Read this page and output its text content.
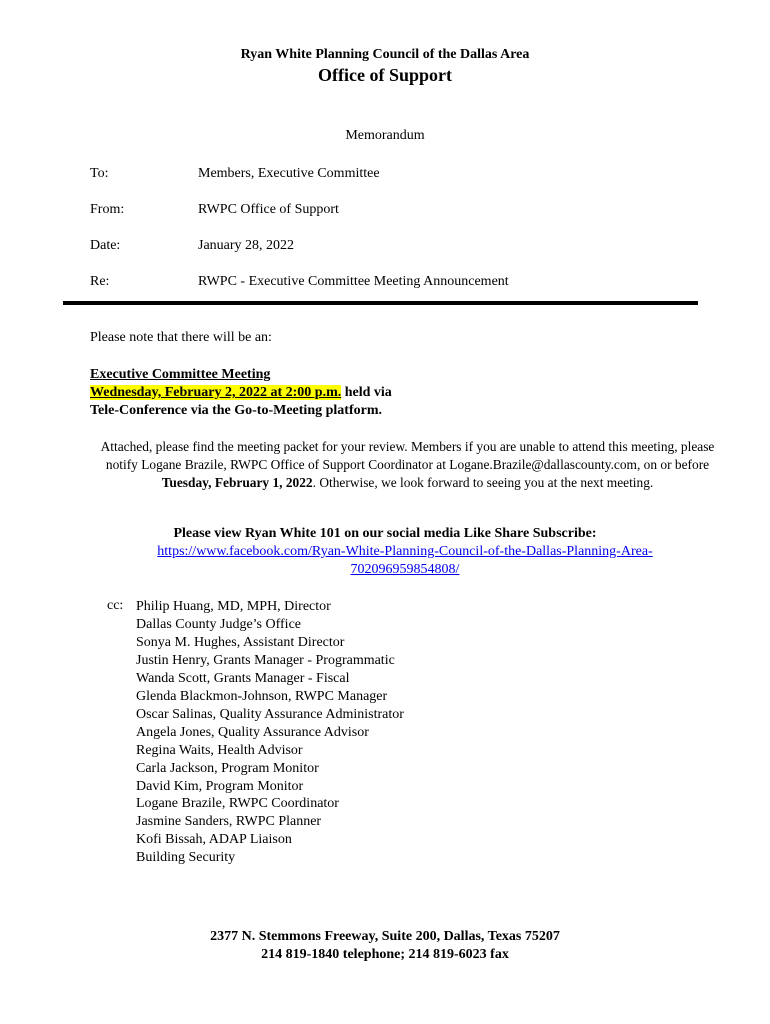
Ryan White Planning Council of the Dallas Area
Office of Support
Memorandum
To:	Members, Executive Committee
From:	RWPC Office of Support
Date:	January 28, 2022
Re:	RWPC - Executive Committee Meeting Announcement
Please note that there will be an:
Executive Committee Meeting
Wednesday, February 2, 2022 at 2:00 p.m. held via
Tele-Conference via the Go-to-Meeting platform.
Attached, please find the meeting packet for your review. Members if you are unable to attend this meeting, please notify Logane Brazile, RWPC Office of Support Coordinator at Logane.Brazile@dallascounty.com, on or before Tuesday, February 1, 2022. Otherwise, we look forward to seeing you at the next meeting.
Please view Ryan White 101 on our social media Like Share Subscribe:
https://www.facebook.com/Ryan-White-Planning-Council-of-the-Dallas-Planning-Area-702096959854808/
cc: Philip Huang, MD, MPH, Director
Dallas County Judge’s Office
Sonya M. Hughes, Assistant Director
Justin Henry, Grants Manager - Programmatic
Wanda Scott, Grants Manager - Fiscal
Glenda Blackmon-Johnson, RWPC Manager
Oscar Salinas, Quality Assurance Administrator
Angela Jones, Quality Assurance Advisor
Regina Waits, Health Advisor
Carla Jackson, Program Monitor
David Kim, Program Monitor
Logane Brazile, RWPC Coordinator
Jasmine Sanders, RWPC Planner
Kofi Bissah, ADAP Liaison
Building Security
2377 N. Stemmons Freeway, Suite 200, Dallas, Texas 75207
214 819-1840 telephone; 214 819-6023 fax
